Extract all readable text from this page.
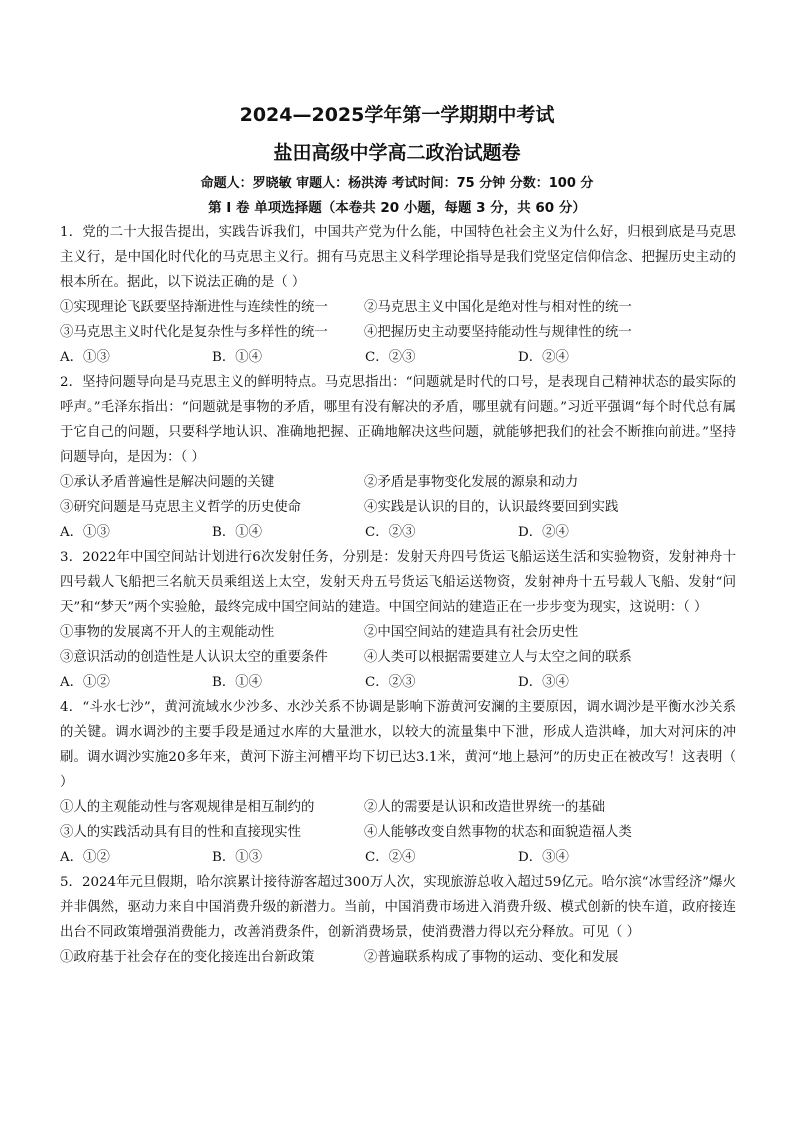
2024—2025学年第一学期期中考试
盐田高级中学高二政治试题卷
命题人：罗晓敏 审题人：杨洪涛 考试时间：75 分钟 分数：100 分
第 I 卷 单项选择题（本卷共 20 小题，每题 3 分，共 60 分）

1．党的二十大报告提出，实践告诉我们，中国共产党为什么能，中国特色社会主义为什么好，归根到底是马克思主义行，是中国化时代化的马克思主义行。拥有马克思主义科学理论指导是我们党坚定信仰信念、把握历史主动的根本所在。据此，以下说法正确的是（ ）

①实现理论飞跃要坚持渐进性与连续性的统一	②马克思主义中国化是绝对性与相对性的统一
③马克思主义时代化是复杂性与多样性的统一	④把握历史主动要坚持能动性与规律性的统一
A．①③	B．①④	C．②③	D．②④

2．坚持问题导向是马克思主义的鲜明特点。马克思指出：“问题就是时代的口号，是表现自己精神状态的最实际的呼声。”毛泽东指出：“问题就是事物的矛盾，哪里有没有解决的矛盾，哪里就有问题。”习近平强调“每个时代总有属于它自己的问题，只要科学地认识、准确地把握、正确地解决这些问题，就能够把我们的社会不断推向前进。”坚持问题导向，是因为：（ ）

①承认矛盾普遍性是解决问题的关键	②矛盾是事物变化发展的源泉和动力
③研究问题是马克思主义哲学的历史使命	④实践是认识的目的，认识最终要回到实践
A．①③	B．①④	C．②③	D．②④

3．2022年中国空间站计划进行6次发射任务，分别是：发射天舟四号货运飞船运送生活和实验物资，发射神舟十四号载人飞船把三名航天员乘组送上太空，发射天舟五号货运飞船运送物资，发射神舟十五号载人飞船、发射“问天”和“梦天”两个实验舱，最终完成中国空间站的建造。中国空间站的建造正在一步步变为现实，这说明：（ ）

①事物的发展离不开人的主观能动性	②中国空间站的建造具有社会历史性
③意识活动的创造性是人认识太空的重要条件	④人类可以根据需要建立人与太空之间的联系
A．①②	B．①④	C．②③	D．③④

4．“斗水七沙”，黄河流域水少沙多、水沙关系不协调是影响下游黄河安澜的主要原因，调水调沙是平衡水沙关系的关键。调水调沙的主要手段是通过水库的大量泄水，以较大的流量集中下泄，形成人造洪峰，加大对河床的冲刷。调水调沙实施20多年来，黄河下游主河槽平均下切已达3.1米，黄河“地上悬河”的历史正在被改写！这表明（ ）

①人的主观能动性与客观规律是相互制约的	②人的需要是认识和改造世界统一的基础
③人的实践活动具有目的性和直接现实性	④人能够改变自然事物的状态和面貌造福人类
A．①②	B．①③	C．②④	D．③④

5．2024年元旦假期，哈尔滨累计接待游客超过300万人次，实现旅游总收入超过59亿元。哈尔滨“冰雪经济”爆火并非偶然，驱动力来自中国消费升级的新潜力。当前，中国消费市场进入消费升级、模式创新的快车道，政府接连出台不同政策增强消费能力，改善消费条件，创新消费场景，使消费潜力得以充分释放。可见（ ）

①政府基于社会存在的变化接连出台新政策	②普遍联系构成了事物的运动、变化和发展
